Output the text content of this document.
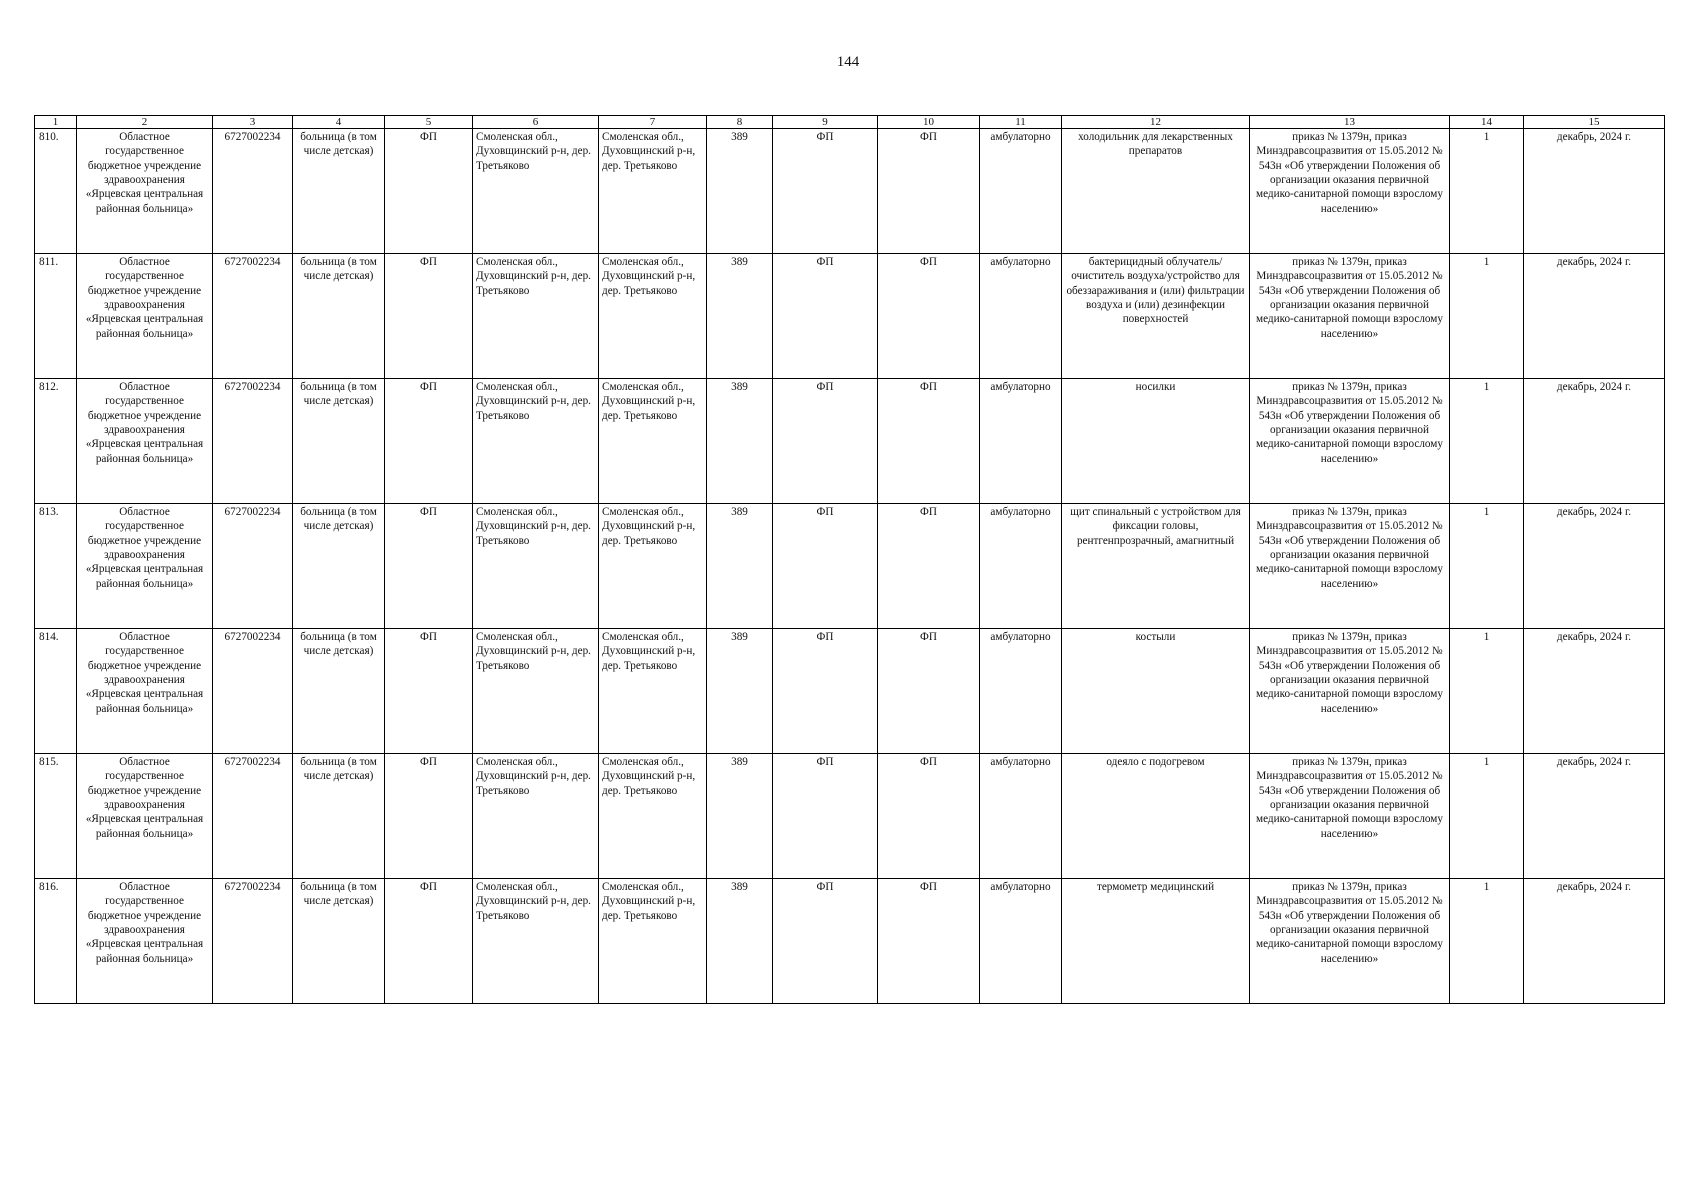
144
1	2	3	4	5	6	7	8	9	10	11	12	13	14	15
810.	Областное государственное бюджетное учреждение здравоохранения «Ярцевская центральная районная больница»	6727002234	больница (в том числе детская)	ФП	Смоленская обл., Духовщинский р-н, дер. Третьяково	Смоленская обл., Духовщинский р-н, дер. Третьяково	389	ФП	ФП	амбулаторно	холодильник для лекарственных препаратов	приказ № 1379н, приказ Минздравсоцразвития от 15.05.2012 № 543н «Об утверждении Положения об организации оказания первичной медико-санитарной помощи взрослому населению»	1	декабрь, 2024 г.
811.	Областное государственное бюджетное учреждение здравоохранения «Ярцевская центральная районная больница»	6727002234	больница (в том числе детская)	ФП	Смоленская обл., Духовщинский р-н, дер. Третьяково	Смоленская обл., Духовщинский р-н, дер. Третьяково	389	ФП	ФП	амбулаторно	бактерицидный облучатель/очиститель воздуха/устройство для обеззараживания и (или) фильтрации воздуха и (или) дезинфекции поверхностей	приказ № 1379н, приказ Минздравсоцразвития от 15.05.2012 № 543н «Об утверждении Положения об организации оказания первичной медико-санитарной помощи взрослому населению»	1	декабрь, 2024 г.
812.	Областное государственное бюджетное учреждение здравоохранения «Ярцевская центральная районная больница»	6727002234	больница (в том числе детская)	ФП	Смоленская обл., Духовщинский р-н, дер. Третьяково	Смоленская обл., Духовщинский р-н, дер. Третьяково	389	ФП	ФП	амбулаторно	носилки	приказ № 1379н, приказ Минздравсоцразвития от 15.05.2012 № 543н «Об утверждении Положения об организации оказания первичной медико-санитарной помощи взрослому населению»	1	декабрь, 2024 г.
813.	Областное государственное бюджетное учреждение здравоохранения «Ярцевская центральная районная больница»	6727002234	больница (в том числе детская)	ФП	Смоленская обл., Духовщинский р-н, дер. Третьяково	Смоленская обл., Духовщинский р-н, дер. Третьяково	389	ФП	ФП	амбулаторно	щит спинальный с устройством для фиксации головы, рентгенпрозрачный, амагнитный	приказ № 1379н, приказ Минздравсоцразвития от 15.05.2012 № 543н «Об утверждении Положения об организации оказания первичной медико-санитарной помощи взрослому населению»	1	декабрь, 2024 г.
814.	Областное государственное бюджетное учреждение здравоохранения «Ярцевская центральная районная больница»	6727002234	больница (в том числе детская)	ФП	Смоленская обл., Духовщинский р-н, дер. Третьяково	Смоленская обл., Духовщинский р-н, дер. Третьяково	389	ФП	ФП	амбулаторно	костыли	приказ № 1379н, приказ Минздравсоцразвития от 15.05.2012 № 543н «Об утверждении Положения об организации оказания первичной медико-санитарной помощи взрослому населению»	1	декабрь, 2024 г.
815.	Областное государственное бюджетное учреждение здравоохранения «Ярцевская центральная районная больница»	6727002234	больница (в том числе детская)	ФП	Смоленская обл., Духовщинский р-н, дер. Третьяково	Смоленская обл., Духовщинский р-н, дер. Третьяково	389	ФП	ФП	амбулаторно	одеяло с подогревом	приказ № 1379н, приказ Минздравсоцразвития от 15.05.2012 № 543н «Об утверждении Положения об организации оказания первичной медико-санитарной помощи взрослому населению»	1	декабрь, 2024 г.
816.	Областное государственное бюджетное учреждение здравоохранения «Ярцевская центральная районная больница»	6727002234	больница (в том числе детская)	ФП	Смоленская обл., Духовщинский р-н, дер. Третьяково	Смоленская обл., Духовщинский р-н, дер. Третьяково	389	ФП	ФП	амбулаторно	термометр медицинский	приказ № 1379н, приказ Минздравсоцразвития от 15.05.2012 № 543н «Об утверждении Положения об организации оказания первичной медико-санитарной помощи взрослому населению»	1	декабрь, 2024 г.
